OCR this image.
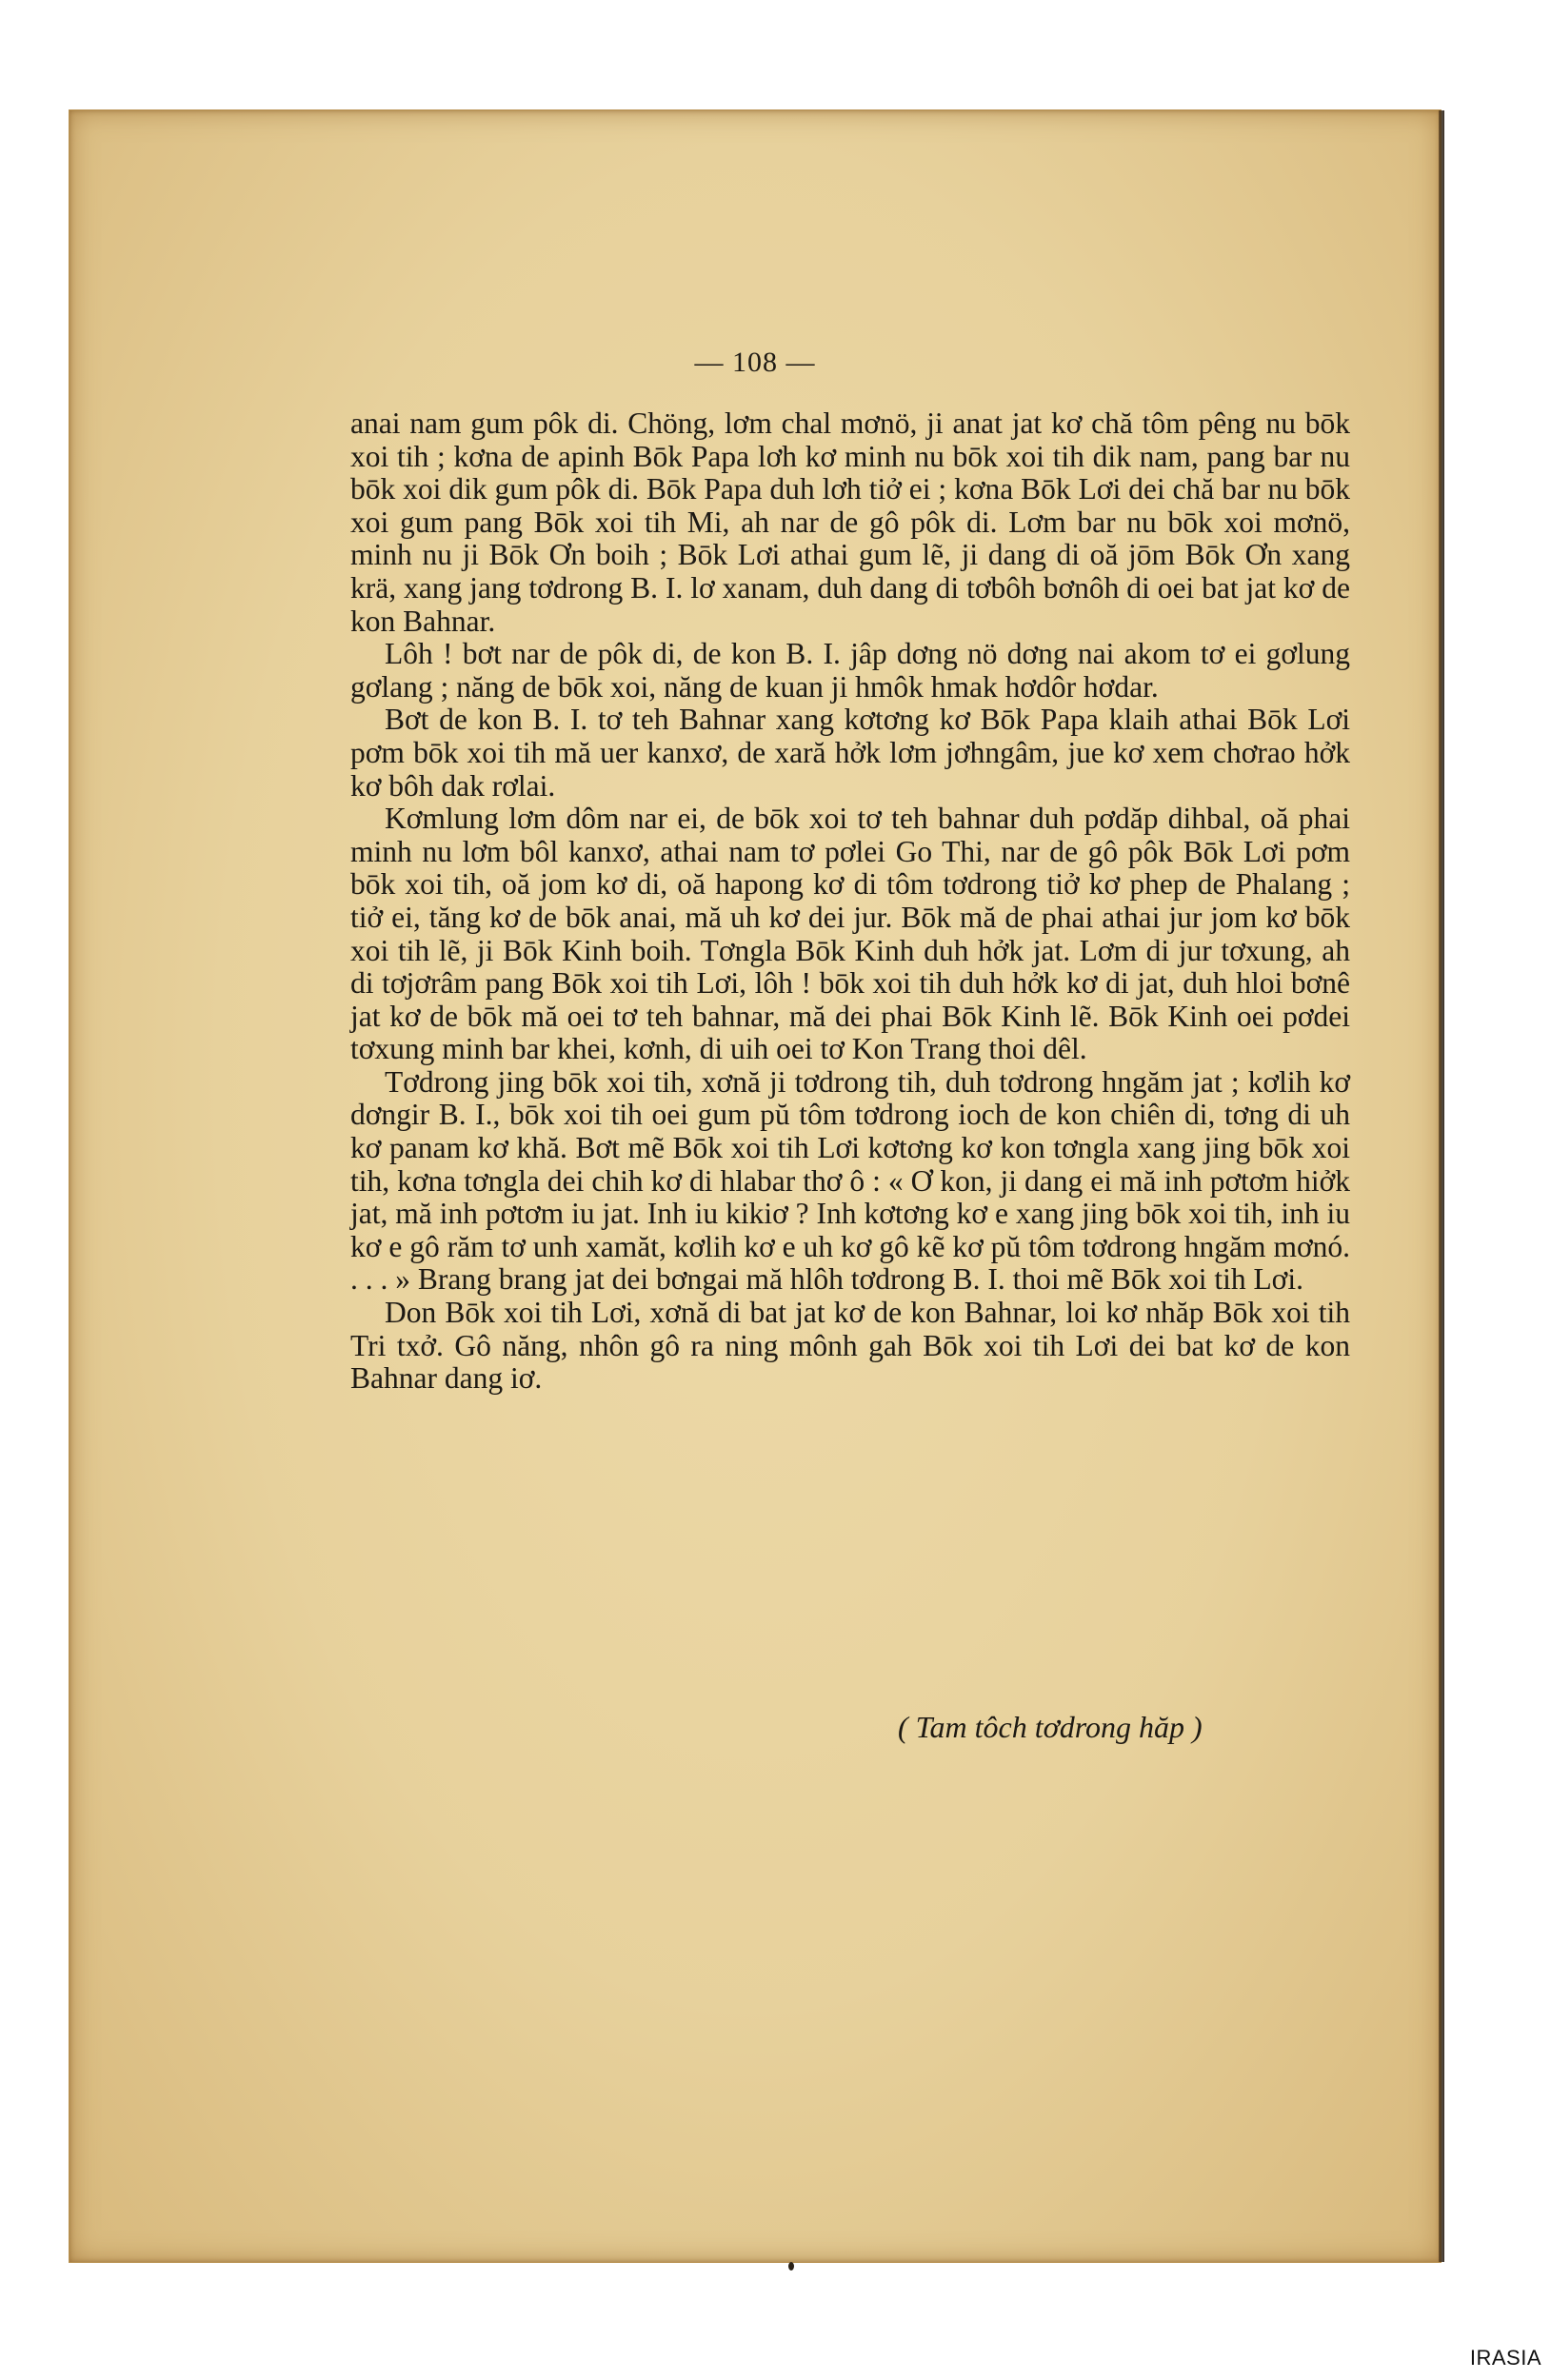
— 108 —

anai nam gum pôk di. Chöng, lơm chal mơnö, ji anat jat kơ chă tôm pêng nu bōk xoi tih ; kơna de apinh Bōk Papa lơh kơ minh nu bōk xoi tih dik nam, pang bar nu bōk xoi dik gum pôk di. Bōk Papa duh lơh tiở ei ; kơna Bōk Lơi dei chă bar nu bōk xoi gum pang Bōk xoi tih Mi, ah nar de gô pôk di. Lơm bar nu bōk xoi mơnö, minh nu ji Bōk Ơn boih ; Bōk Lơi athai gum lẽ, ji dang di oă jōm Bōk Ơn xang krä, xang jang tơdrong B. I. lơ xanam, duh dang di tơbôh bơnôh di oei bat jat kơ de kon Bahnar.

Lôh ! bơt nar de pôk di, de kon B. I. jâp dơng nö dơng nai akom tơ ei gơlung gơlang ; năng de bōk xoi, năng de kuan ji hmôk hmak hơdôr hơdar.

Bơt de kon B. I. tơ teh Bahnar xang kơtơng kơ Bōk Papa klaih athai Bōk Lơi pơm bōk xoi tih mă uer kanxơ, de xară hởk lơm jơhngâm, jue kơ xem chơrao hởk kơ bôh dak rơlai.

Kơmlung lơm dôm nar ei, de bōk xoi tơ teh bahnar duh pơdăp dihbal, oă phai minh nu lơm bôl kanxơ, athai nam tơ pơlei Go Thi, nar de gô pôk Bōk Lơi pơm bōk xoi tih, oă jom kơ di, oă hapong kơ di tôm tơdrong tiở kơ phep de Phalang ; tiở ei, tăng kơ de bōk anai, mă uh kơ dei jur. Bōk mă de phai athai jur jom kơ bōk xoi tih lẽ, ji Bōk Kinh boih. Tơngla Bōk Kinh duh hởk jat. Lơm di jur tơxung, ah di tơjơrâm pang Bōk xoi tih Lơi, lôh ! bōk xoi tih duh hởk kơ di jat, duh hloi bơnê jat kơ de bōk mă oei tơ teh bahnar, mă dei phai Bōk Kinh lẽ. Bōk Kinh oei pơdei tơxung minh bar khei, kơnh, di uih oei tơ Kon Trang thoi dêl.

Tơdrong jing bōk xoi tih, xơnă ji tơdrong tih, duh tơdrong hngăm jat ; kơlih kơ dơngir B. I., bōk xoi tih oei gum pŭ tôm tơdrong ioch de kon chiên di, tơng di uh kơ panam kơ khă. Bơt mẽ Bōk xoi tih Lơi kơtơng kơ kon tơngla xang jing bōk xoi tih, kơna tơngla dei chih kơ di hlabar thơ ô : « Ơ kon, ji dang ei mă inh pơtơm hiởk jat, mă inh pơtơm iu jat. Inh iu kikiơ ? Inh kơtơng kơ e xang jing bōk xoi tih, inh iu kơ e gô răm tơ unh xamăt, kơlih kơ e uh kơ gô kẽ kơ pŭ tôm tơdrong hngăm mơnó. . . . » Brang brang jat dei bơngai mă hlôh tơdrong B. I. thoi mẽ Bōk xoi tih Lơi.

Don Bōk xoi tih Lơi, xơnă di bat jat kơ de kon Bahnar, loi kơ nhăp Bōk xoi tih Tri txở. Gô năng, nhôn gô ra ning mônh gah Bōk xoi tih Lơi dei bat kơ de kon Bahnar dang iơ.

( Tam tôch tơdrong hăp )
IRASIA
